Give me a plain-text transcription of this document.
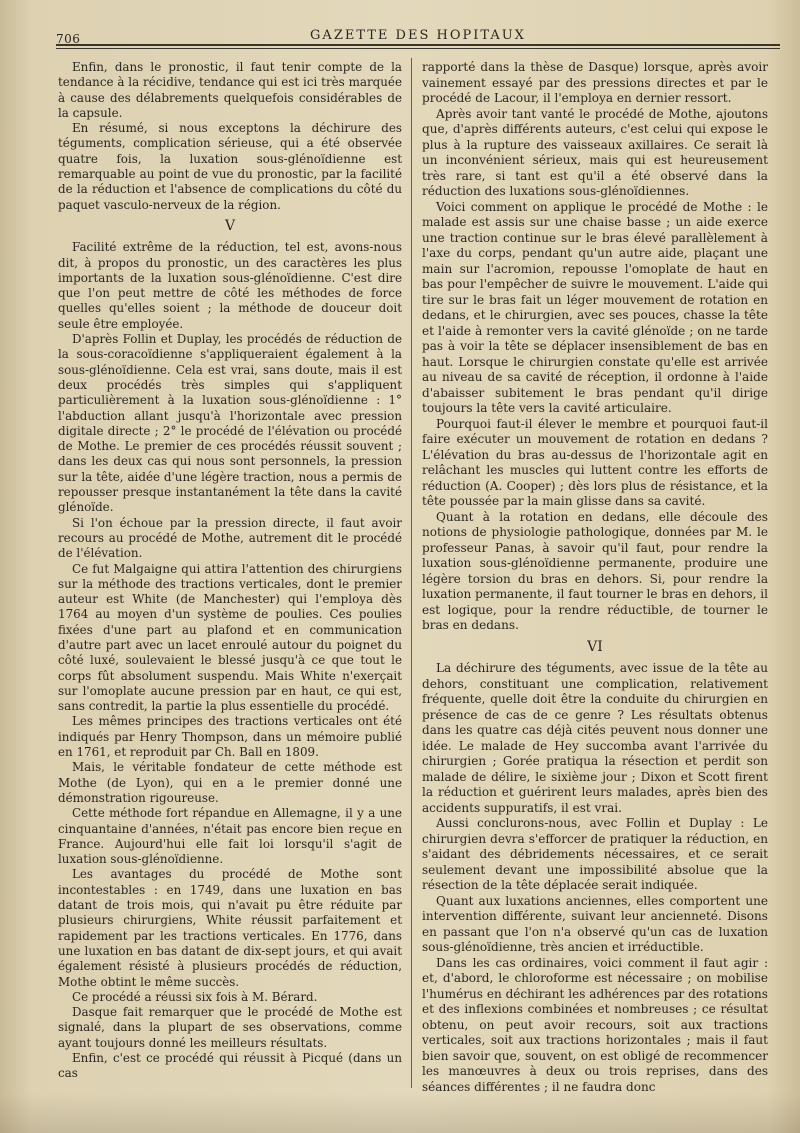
706	GAZETTE DES HOPITAUX

Enfin, dans le pronostic, il faut tenir compte de la tendance à la récidive, tendance qui est ici très marquée à cause des délabrements quelquefois considérables de la capsule.

En résumé, si nous exceptons la déchirure des téguments, complication sérieuse, qui a été observée quatre fois, la luxation sous-glénoïdienne est remarquable au point de vue du pronostic, par la facilité de la réduction et l'absence de complications du côté du paquet vasculo-nerveux de la région.

V

Facilité extrême de la réduction, tel est, avons-nous dit, à propos du pronostic, un des caractères les plus importants de la luxation sous-glénoïdienne. C'est dire que l'on peut mettre de côté les méthodes de force quelles qu'elles soient ; la méthode de douceur doit seule être employée.

D'après Follin et Duplay, les procédés de réduction de la sous-coracoïdienne s'appliqueraient également à la sous-glénoïdienne. Cela est vrai, sans doute, mais il est deux procédés très simples qui s'appliquent particulièrement à la luxation sous-glénoïdienne : 1° l'abduction allant jusqu'à l'horizontale avec pression digitale directe ; 2° le procédé de l'élévation ou procédé de Mothe. Le premier de ces procédés réussit souvent ; dans les deux cas qui nous sont personnels, la pression sur la tête, aidée d'une légère traction, nous a permis de repousser presque instantanément la tête dans la cavité glénoïde.

Si l'on échoue par la pression directe, il faut avoir recours au procédé de Mothe, autrement dit le procédé de l'élévation.

Ce fut Malgaigne qui attira l'attention des chirurgiens sur la méthode des tractions verticales, dont le premier auteur est White (de Manchester) qui l'employa dès 1764 au moyen d'un système de poulies. Ces poulies fixées d'une part au plafond et en communication d'autre part avec un lacet enroulé autour du poignet du côté luxé, soulevaient le blessé jusqu'à ce que tout le corps fût absolument suspendu. Mais White n'exerçait sur l'omoplate aucune pression par en haut, ce qui est, sans contredit, la partie la plus essentielle du procédé.

Les mêmes principes des tractions verticales ont été indiqués par Henry Thompson, dans un mémoire publié en 1761, et reproduit par Ch. Ball en 1809.

Mais, le véritable fondateur de cette méthode est Mothe (de Lyon), qui en a le premier donné une démonstration rigoureuse.

Cette méthode fort répandue en Allemagne, il y a une cinquantaine d'années, n'était pas encore bien reçue en France. Aujourd'hui elle fait loi lorsqu'il s'agit de luxation sous-glénoïdienne.

Les avantages du procédé de Mothe sont incontestables : en 1749, dans une luxation en bas datant de trois mois, qui n'avait pu être réduite par plusieurs chirurgiens, White réussit parfaitement et rapidement par les tractions verticales. En 1776, dans une luxation en bas datant de dix-sept jours, et qui avait également résisté à plusieurs procédés de réduction, Mothe obtint le même succès.

Ce procédé a réussi six fois à M. Bérard.

Dasque fait remarquer que le procédé de Mothe est signalé, dans la plupart de ses observations, comme ayant toujours donné les meilleurs résultats.

Enfin, c'est ce procédé qui réussit à Picqué (dans un cas

rapporté dans la thèse de Dasque) lorsque, après avoir vainement essayé par des pressions directes et par le procédé de Lacour, il l'employa en dernier ressort.

Après avoir tant vanté le procédé de Mothe, ajoutons que, d'après différents auteurs, c'est celui qui expose le plus à la rupture des vaisseaux axillaires. Ce serait là un inconvénient sérieux, mais qui est heureusement très rare, si tant est qu'il a été observé dans la réduction des luxations sous-glénoïdiennes.

Voici comment on applique le procédé de Mothe : le malade est assis sur une chaise basse ; un aide exerce une traction continue sur le bras élevé parallèlement à l'axe du corps, pendant qu'un autre aide, plaçant une main sur l'acromion, repousse l'omoplate de haut en bas pour l'empêcher de suivre le mouvement. L'aide qui tire sur le bras fait un léger mouvement de rotation en dedans, et le chirurgien, avec ses pouces, chasse la tête et l'aide à remonter vers la cavité glénoïde ; on ne tarde pas à voir la tête se déplacer insensiblement de bas en haut. Lorsque le chirurgien constate qu'elle est arrivée au niveau de sa cavité de réception, il ordonne à l'aide d'abaisser subitement le bras pendant qu'il dirige toujours la tête vers la cavité articulaire.

Pourquoi faut-il élever le membre et pourquoi faut-il faire exécuter un mouvement de rotation en dedans ? L'élévation du bras au-dessus de l'horizontale agit en relâchant les muscles qui luttent contre les efforts de réduction (A. Cooper) ; dès lors plus de résistance, et la tête poussée par la main glisse dans sa cavité.

Quant à la rotation en dedans, elle découle des notions de physiologie pathologique, données par M. le professeur Panas, à savoir qu'il faut, pour rendre la luxation sous-glénoïdienne permanente, produire une légère torsion du bras en dehors. Si, pour rendre la luxation permanente, il faut tourner le bras en dehors, il est logique, pour la rendre réductible, de tourner le bras en dedans.

VI

La déchirure des téguments, avec issue de la tête au dehors, constituant une complication, relativement fréquente, quelle doit être la conduite du chirurgien en présence de cas de ce genre ? Les résultats obtenus dans les quatre cas déjà cités peuvent nous donner une idée. Le malade de Hey succomba avant l'arrivée du chirurgien ; Gorée pratiqua la résection et perdit son malade de délire, le sixième jour ; Dixon et Scott firent la réduction et guérirent leurs malades, après bien des accidents suppuratifs, il est vrai.

Aussi conclurons-nous, avec Follin et Duplay : Le chirurgien devra s'efforcer de pratiquer la réduction, en s'aidant des débridements nécessaires, et ce serait seulement devant une impossibilité absolue que la résection de la tête déplacée serait indiquée.

Quant aux luxations anciennes, elles comportent une intervention différente, suivant leur ancienneté. Disons en passant que l'on n'a observé qu'un cas de luxation sous-glénoïdienne, très ancien et irréductible.

Dans les cas ordinaires, voici comment il faut agir : et, d'abord, le chloroforme est nécessaire ; on mobilise l'humérus en déchirant les adhérences par des rotations et des inflexions combinées et nombreuses ; ce résultat obtenu, on peut avoir recours, soit aux tractions verticales, soit aux tractions horizontales ; mais il faut bien savoir que, souvent, on est obligé de recommencer les manœuvres à deux ou trois reprises, dans des séances différentes ; il ne faudra donc
